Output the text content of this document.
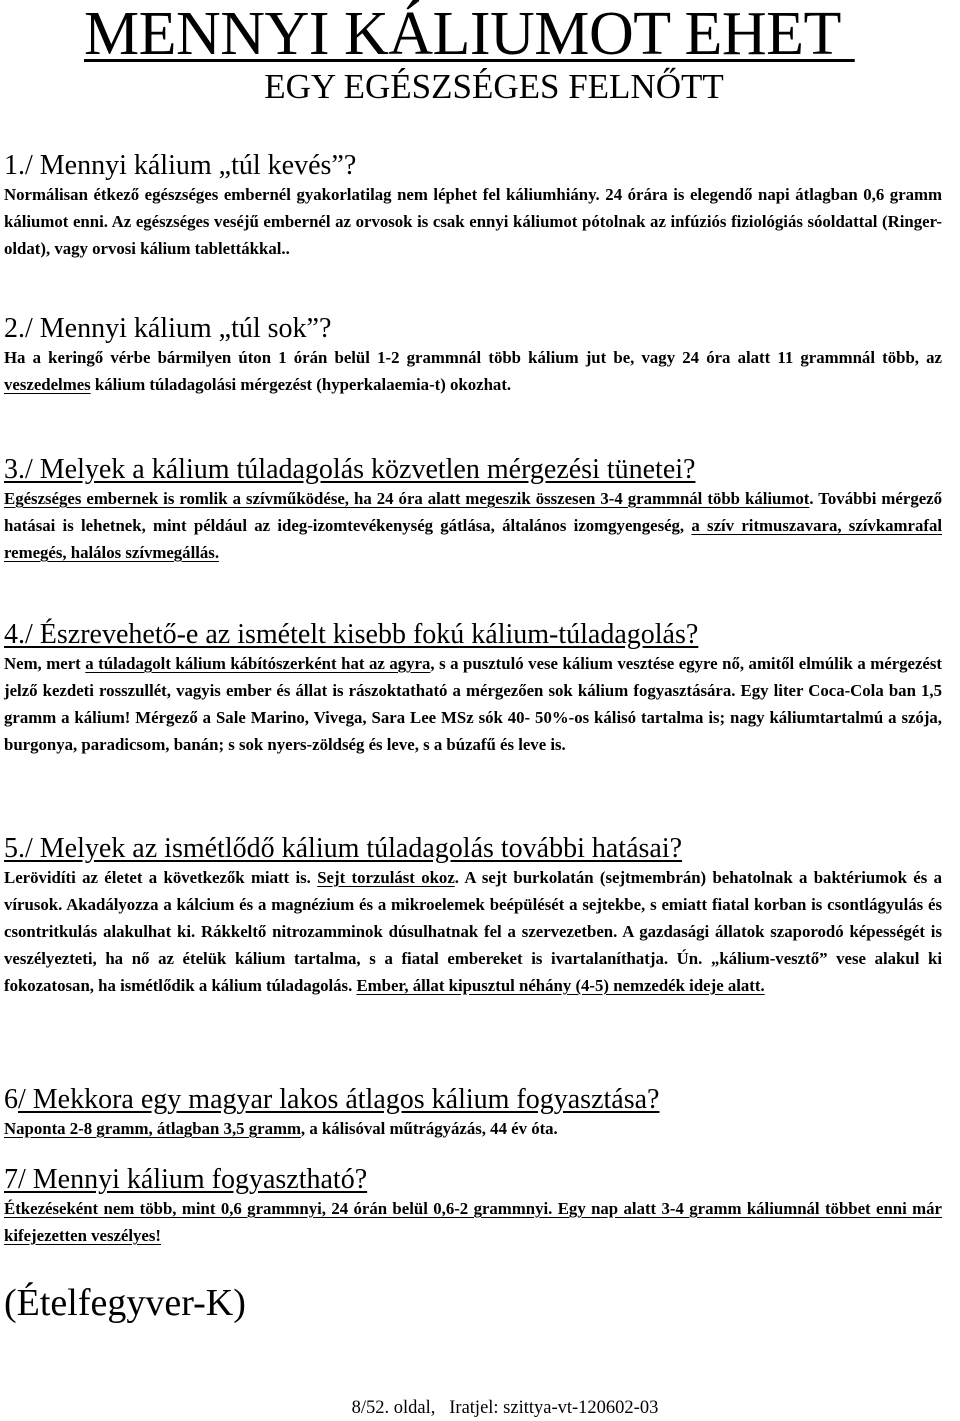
MENNYI KÁLIUMOT EHET
EGY EGÉSZSÉGES FELNŐTT
1./ Mennyi kálium „túl kevés”?
Normálisan étkező egészséges embernél gyakorlatilag nem léphet fel káliumhiány. 24 órára is elegendő napi átlagban 0,6 gramm káliumot enni. Az egészséges veséjű embernél az orvosok is csak ennyi káliumot pótolnak az infúziós fiziológiás sóoldattal (Ringer-oldat), vagy orvosi kálium tablettákkal..
2./ Mennyi kálium „túl sok”?
Ha a keringő vérbe bármilyen úton 1 órán belül 1-2 grammnál több kálium jut be, vagy 24 óra alatt 11 grammnál több, az veszedelmes kálium túladagolási mérgezést (hyperkalaemia-t) okozhat.
3./ Melyek a kálium túladagolás közvetlen mérgezési tünetei?
Egészséges embernek is romlik a szívműködése, ha 24 óra alatt megeszik összesen 3-4 grammnál több káliumot. További mérgező hatásai is lehetnek, mint például az ideg-izomtevékenység gátlása, általános izomgyengeség, a szív ritmuszavara, szívkamrafal remegés, halálos szívmegállás.
4./ Észrevehető-e az ismételt kisebb fokú kálium-túladagolás?
Nem, mert a túladagolt kálium kábítószerként hat az agyra, s a pusztuló vese kálium vesztése egyre nő, amitől elmúlik a mérgezést jelző kezdeti rosszullét, vagyis ember és állat is rászoktatható a mérgezően sok kálium fogyasztására. Egy liter Coca-Cola ban 1,5 gramm a kálium! Mérgező a Sale Marino, Vivega, Sara Lee MSz sók 40- 50%-os kálisó tartalma is; nagy káliumtartalmú a szója, burgonya, paradicsom, banán; s sok nyers-zöldség és leve, s a búzafű és leve is.
5./ Melyek az ismétlődő kálium túladagolás további hatásai?
Lerövidíti az életet a következők miatt is. Sejt torzulást okoz. A sejt burkolatán (sejtmembrán) behatolnak a baktériumok és a vírusok. Akadályozza a kálcium és a magnézium és a mikroelemek beépülését a sejtekbe, s emiatt fiatal korban is csontlágyulás és csontritkulás alakulhat ki. Rákkeltő nitrozamminok dúsulhatnak fel a szervezetben. A gazdasági állatok szaporodó képességét is veszélyezteti, ha nő az ételük kálium tartalma, s a fiatal embereket is ivartalaníthatja. Ún. „kálium-vesztő” vese alakul ki fokozatosan, ha ismétlődik a kálium túladagolás. Ember, állat kipusztul néhány (4-5) nemzedék ideje alatt.
6/ Mekkora egy magyar lakos átlagos kálium fogyasztása?
Naponta 2-8 gramm, átlagban 3,5 gramm, a kálisóval műtrágyázás, 44 év óta.
7/ Mennyi kálium fogyasztható?
Étkezéseként nem több, mint 0,6 grammnyi, 24 órán belül 0,6-2 grammnyi. Egy nap alatt 3-4 gramm káliumnál többet enni már kifejezetten veszélyes!
(Ételfegyver-K)
8/52. oldal,   Iratjel: szittya-vt-120602-03
